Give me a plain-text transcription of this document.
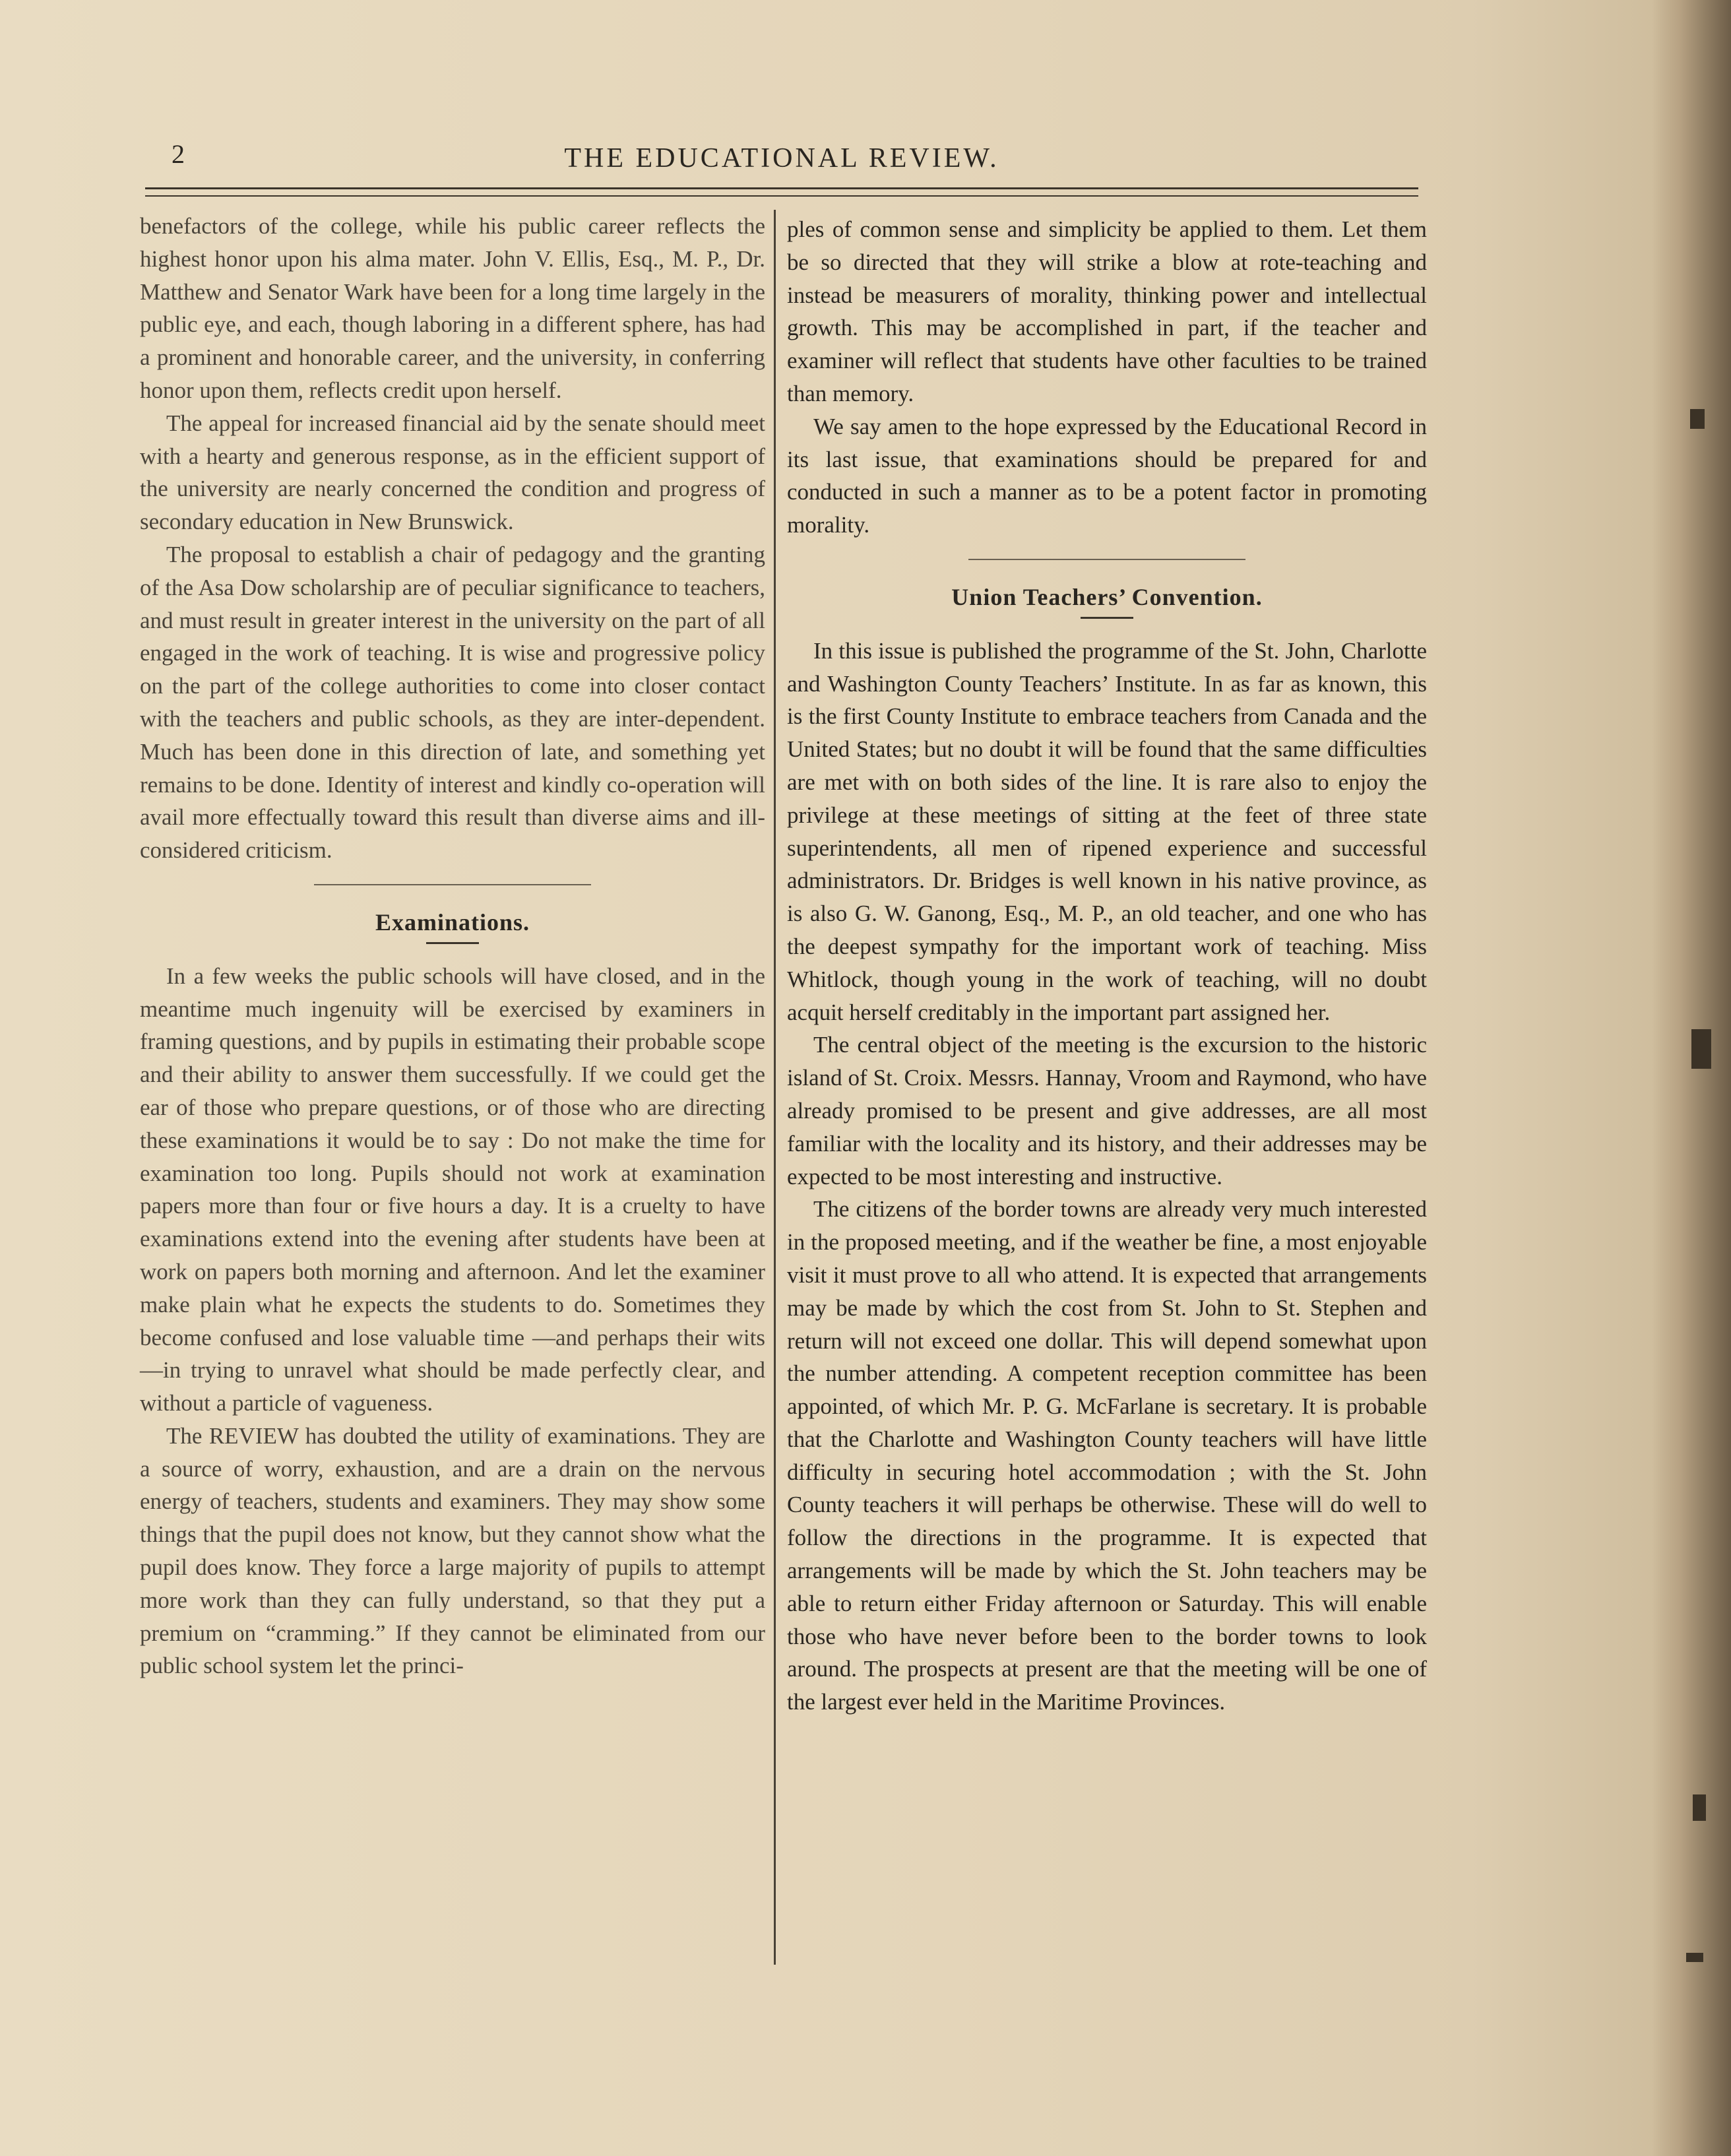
2	THE EDUCATIONAL REVIEW.

benefactors of the college, while his public career reflects the highest honor upon his alma mater. John V. Ellis, Esq., M. P., Dr. Matthew and Senator Wark have been for a long time largely in the public eye, and each, though laboring in a different sphere, has had a prominent and honorable career, and the university, in conferring honor upon them, reflects credit upon herself.

The appeal for increased financial aid by the senate should meet with a hearty and generous response, as in the efficient support of the university are nearly concerned the condition and progress of secondary education in New Brunswick.

The proposal to establish a chair of pedagogy and the granting of the Asa Dow scholarship are of peculiar significance to teachers, and must result in greater interest in the university on the part of all engaged in the work of teaching. It is wise and progressive policy on the part of the college authorities to come into closer contact with the teachers and public schools, as they are inter-dependent. Much has been done in this direction of late, and something yet remains to be done. Identity of interest and kindly co-operation will avail more effectually toward this result than diverse aims and ill-considered criticism.

Examinations.

In a few weeks the public schools will have closed, and in the meantime much ingenuity will be exercised by examiners in framing questions, and by pupils in estimating their probable scope and their ability to answer them successfully. If we could get the ear of those who prepare questions, or of those who are directing these examinations it would be to say : Do not make the time for examination too long. Pupils should not work at examination papers more than four or five hours a day. It is a cruelty to have examinations extend into the evening after students have been at work on papers both morning and afternoon. And let the examiner make plain what he expects the students to do. Sometimes they become confused and lose valuable time —and perhaps their wits—in trying to unravel what should be made perfectly clear, and without a particle of vagueness.

The REVIEW has doubted the utility of examinations. They are a source of worry, exhaustion, and are a drain on the nervous energy of teachers, students and examiners. They may show some things that the pupil does not know, but they cannot show what the pupil does know. They force a large majority of pupils to attempt more work than they can fully understand, so that they put a premium on “cramming.” If they cannot be eliminated from our public school system let the princi-

ples of common sense and simplicity be applied to them. Let them be so directed that they will strike a blow at rote-teaching and instead be measurers of morality, thinking power and intellectual growth. This may be accomplished in part, if the teacher and examiner will reflect that students have other faculties to be trained than memory.

We say amen to the hope expressed by the Educational Record in its last issue, that examinations should be prepared for and conducted in such a manner as to be a potent factor in promoting morality.

Union Teachers’ Convention.

In this issue is published the programme of the St. John, Charlotte and Washington County Teachers’ Institute. In as far as known, this is the first County Institute to embrace teachers from Canada and the United States; but no doubt it will be found that the same difficulties are met with on both sides of the line. It is rare also to enjoy the privilege at these meetings of sitting at the feet of three state superintendents, all men of ripened experience and successful administrators. Dr. Bridges is well known in his native province, as is also G. W. Ganong, Esq., M. P., an old teacher, and one who has the deepest sympathy for the important work of teaching. Miss Whitlock, though young in the work of teaching, will no doubt acquit herself creditably in the important part assigned her.

The central object of the meeting is the excursion to the historic island of St. Croix. Messrs. Hannay, Vroom and Raymond, who have already promised to be present and give addresses, are all most familiar with the locality and its history, and their addresses may be expected to be most interesting and instructive.

The citizens of the border towns are already very much interested in the proposed meeting, and if the weather be fine, a most enjoyable visit it must prove to all who attend. It is expected that arrangements may be made by which the cost from St. John to St. Stephen and return will not exceed one dollar. This will depend somewhat upon the number attending. A competent reception committee has been appointed, of which Mr. P. G. McFarlane is secretary. It is probable that the Charlotte and Washington County teachers will have little difficulty in securing hotel accommodation ; with the St. John County teachers it will perhaps be otherwise. These will do well to follow the directions in the programme. It is expected that arrangements will be made by which the St. John teachers may be able to return either Friday afternoon or Saturday. This will enable those who have never before been to the border towns to look around. The prospects at present are that the meeting will be one of the largest ever held in the Maritime Provinces.
